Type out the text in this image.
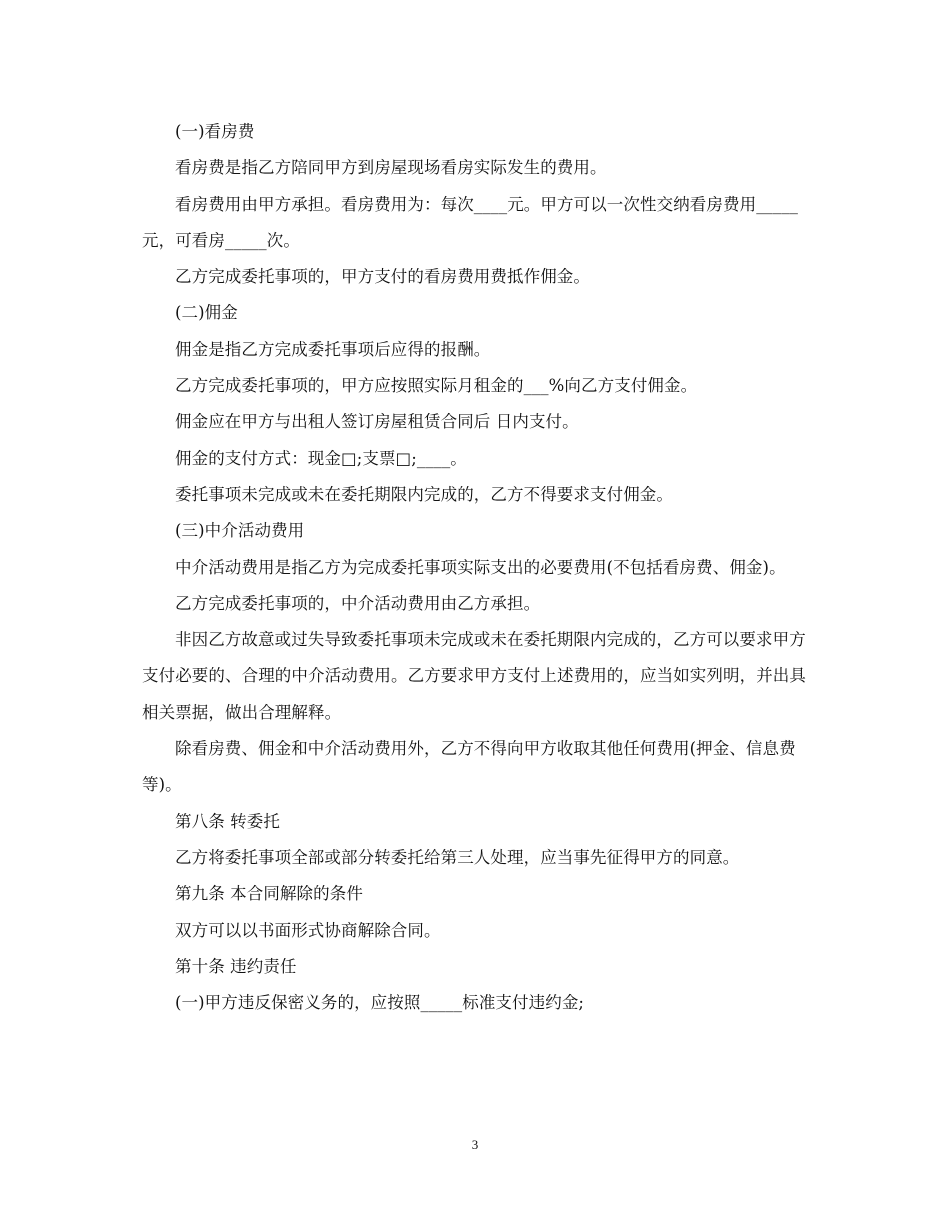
(一)看房费

看房费是指乙方陪同甲方到房屋现场看房实际发生的费用。

看房费用由甲方承担。看房费用为：每次____元。甲方可以一次性交纳看房费用_____元，可看房_____次。

乙方完成委托事项的，甲方支付的看房费用费抵作佣金。

(二)佣金

佣金是指乙方完成委托事项后应得的报酬。

乙方完成委托事项的，甲方应按照实际月租金的___%向乙方支付佣金。

佣金应在甲方与出租人签订房屋租赁合同后 日内支付。

佣金的支付方式：现金□;支票□;____。

委托事项未完成或未在委托期限内完成的，乙方不得要求支付佣金。

(三)中介活动费用

中介活动费用是指乙方为完成委托事项实际支出的必要费用(不包括看房费、佣金)。

乙方完成委托事项的，中介活动费用由乙方承担。

非因乙方故意或过失导致委托事项未完成或未在委托期限内完成的，乙方可以要求甲方支付必要的、合理的中介活动费用。乙方要求甲方支付上述费用的，应当如实列明，并出具相关票据，做出合理解释。

除看房费、佣金和中介活动费用外，乙方不得向甲方收取其他任何费用(押金、信息费等)。

第八条 转委托

乙方将委托事项全部或部分转委托给第三人处理，应当事先征得甲方的同意。

第九条 本合同解除的条件

双方可以以书面形式协商解除合同。

第十条 违约责任

(一)甲方违反保密义务的，应按照_____标准支付违约金;

3
